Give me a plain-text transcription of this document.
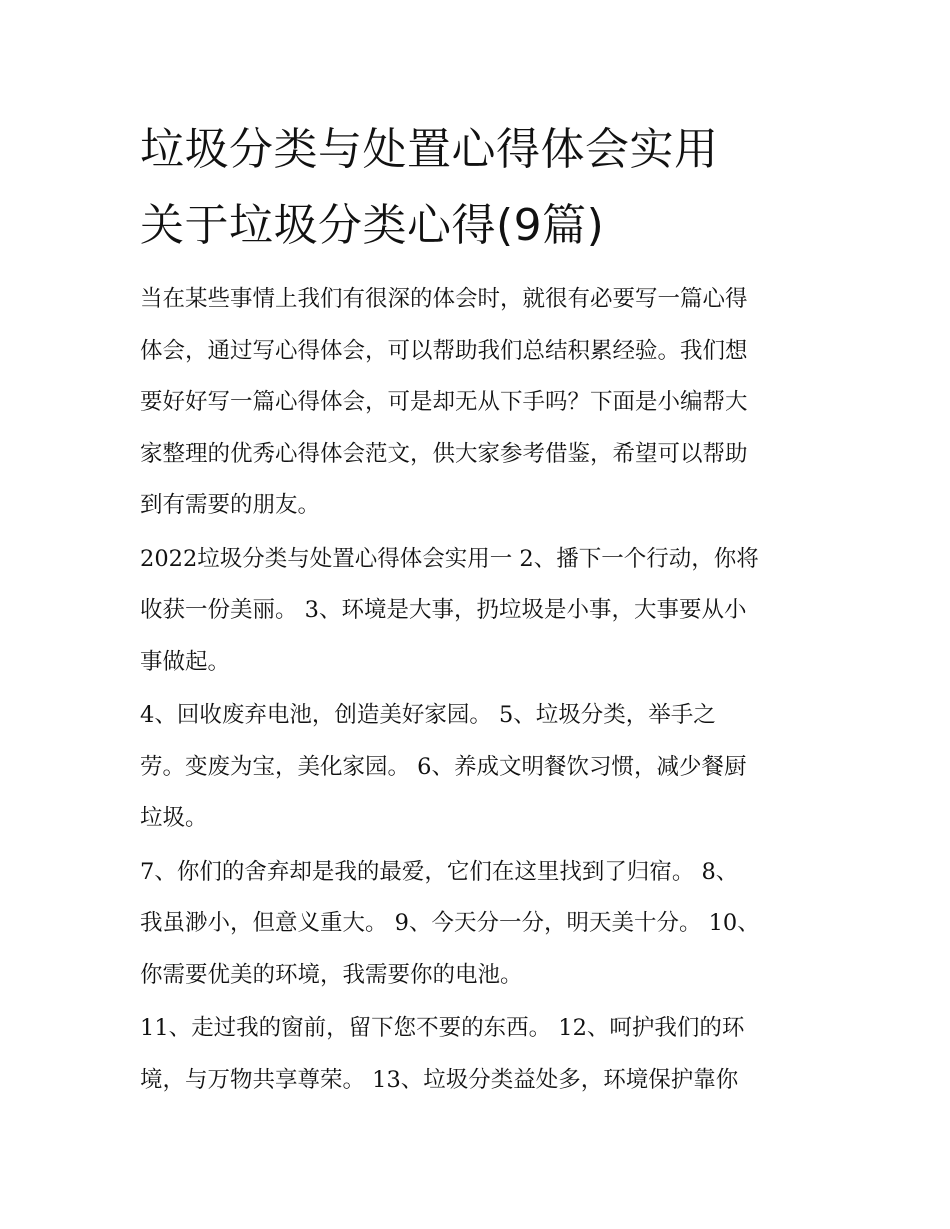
垃圾分类与处置心得体会实用
关于垃圾分类心得(9篇)

当在某些事情上我们有很深的体会时，就很有必要写一篇心得
体会，通过写心得体会，可以帮助我们总结积累经验。我们想
要好好写一篇心得体会，可是却无从下手吗？下面是小编帮大
家整理的优秀心得体会范文，供大家参考借鉴，希望可以帮助
到有需要的朋友。

2022垃圾分类与处置心得体会实用一 2、播下一个行动，你将
收获一份美丽。 3、环境是大事，扔垃圾是小事，大事要从小
事做起。

4、回收废弃电池，创造美好家园。 5、垃圾分类，举手之
劳。变废为宝，美化家园。 6、养成文明餐饮习惯，减少餐厨
垃圾。

7、你们的舍弃却是我的最爱，它们在这里找到了归宿。 8、
我虽渺小，但意义重大。 9、今天分一分，明天美十分。 10、
你需要优美的环境，我需要你的电池。

11、走过我的窗前，留下您不要的东西。 12、呵护我们的环
境，与万物共享尊荣。 13、垃圾分类益处多，环境保护靠你
